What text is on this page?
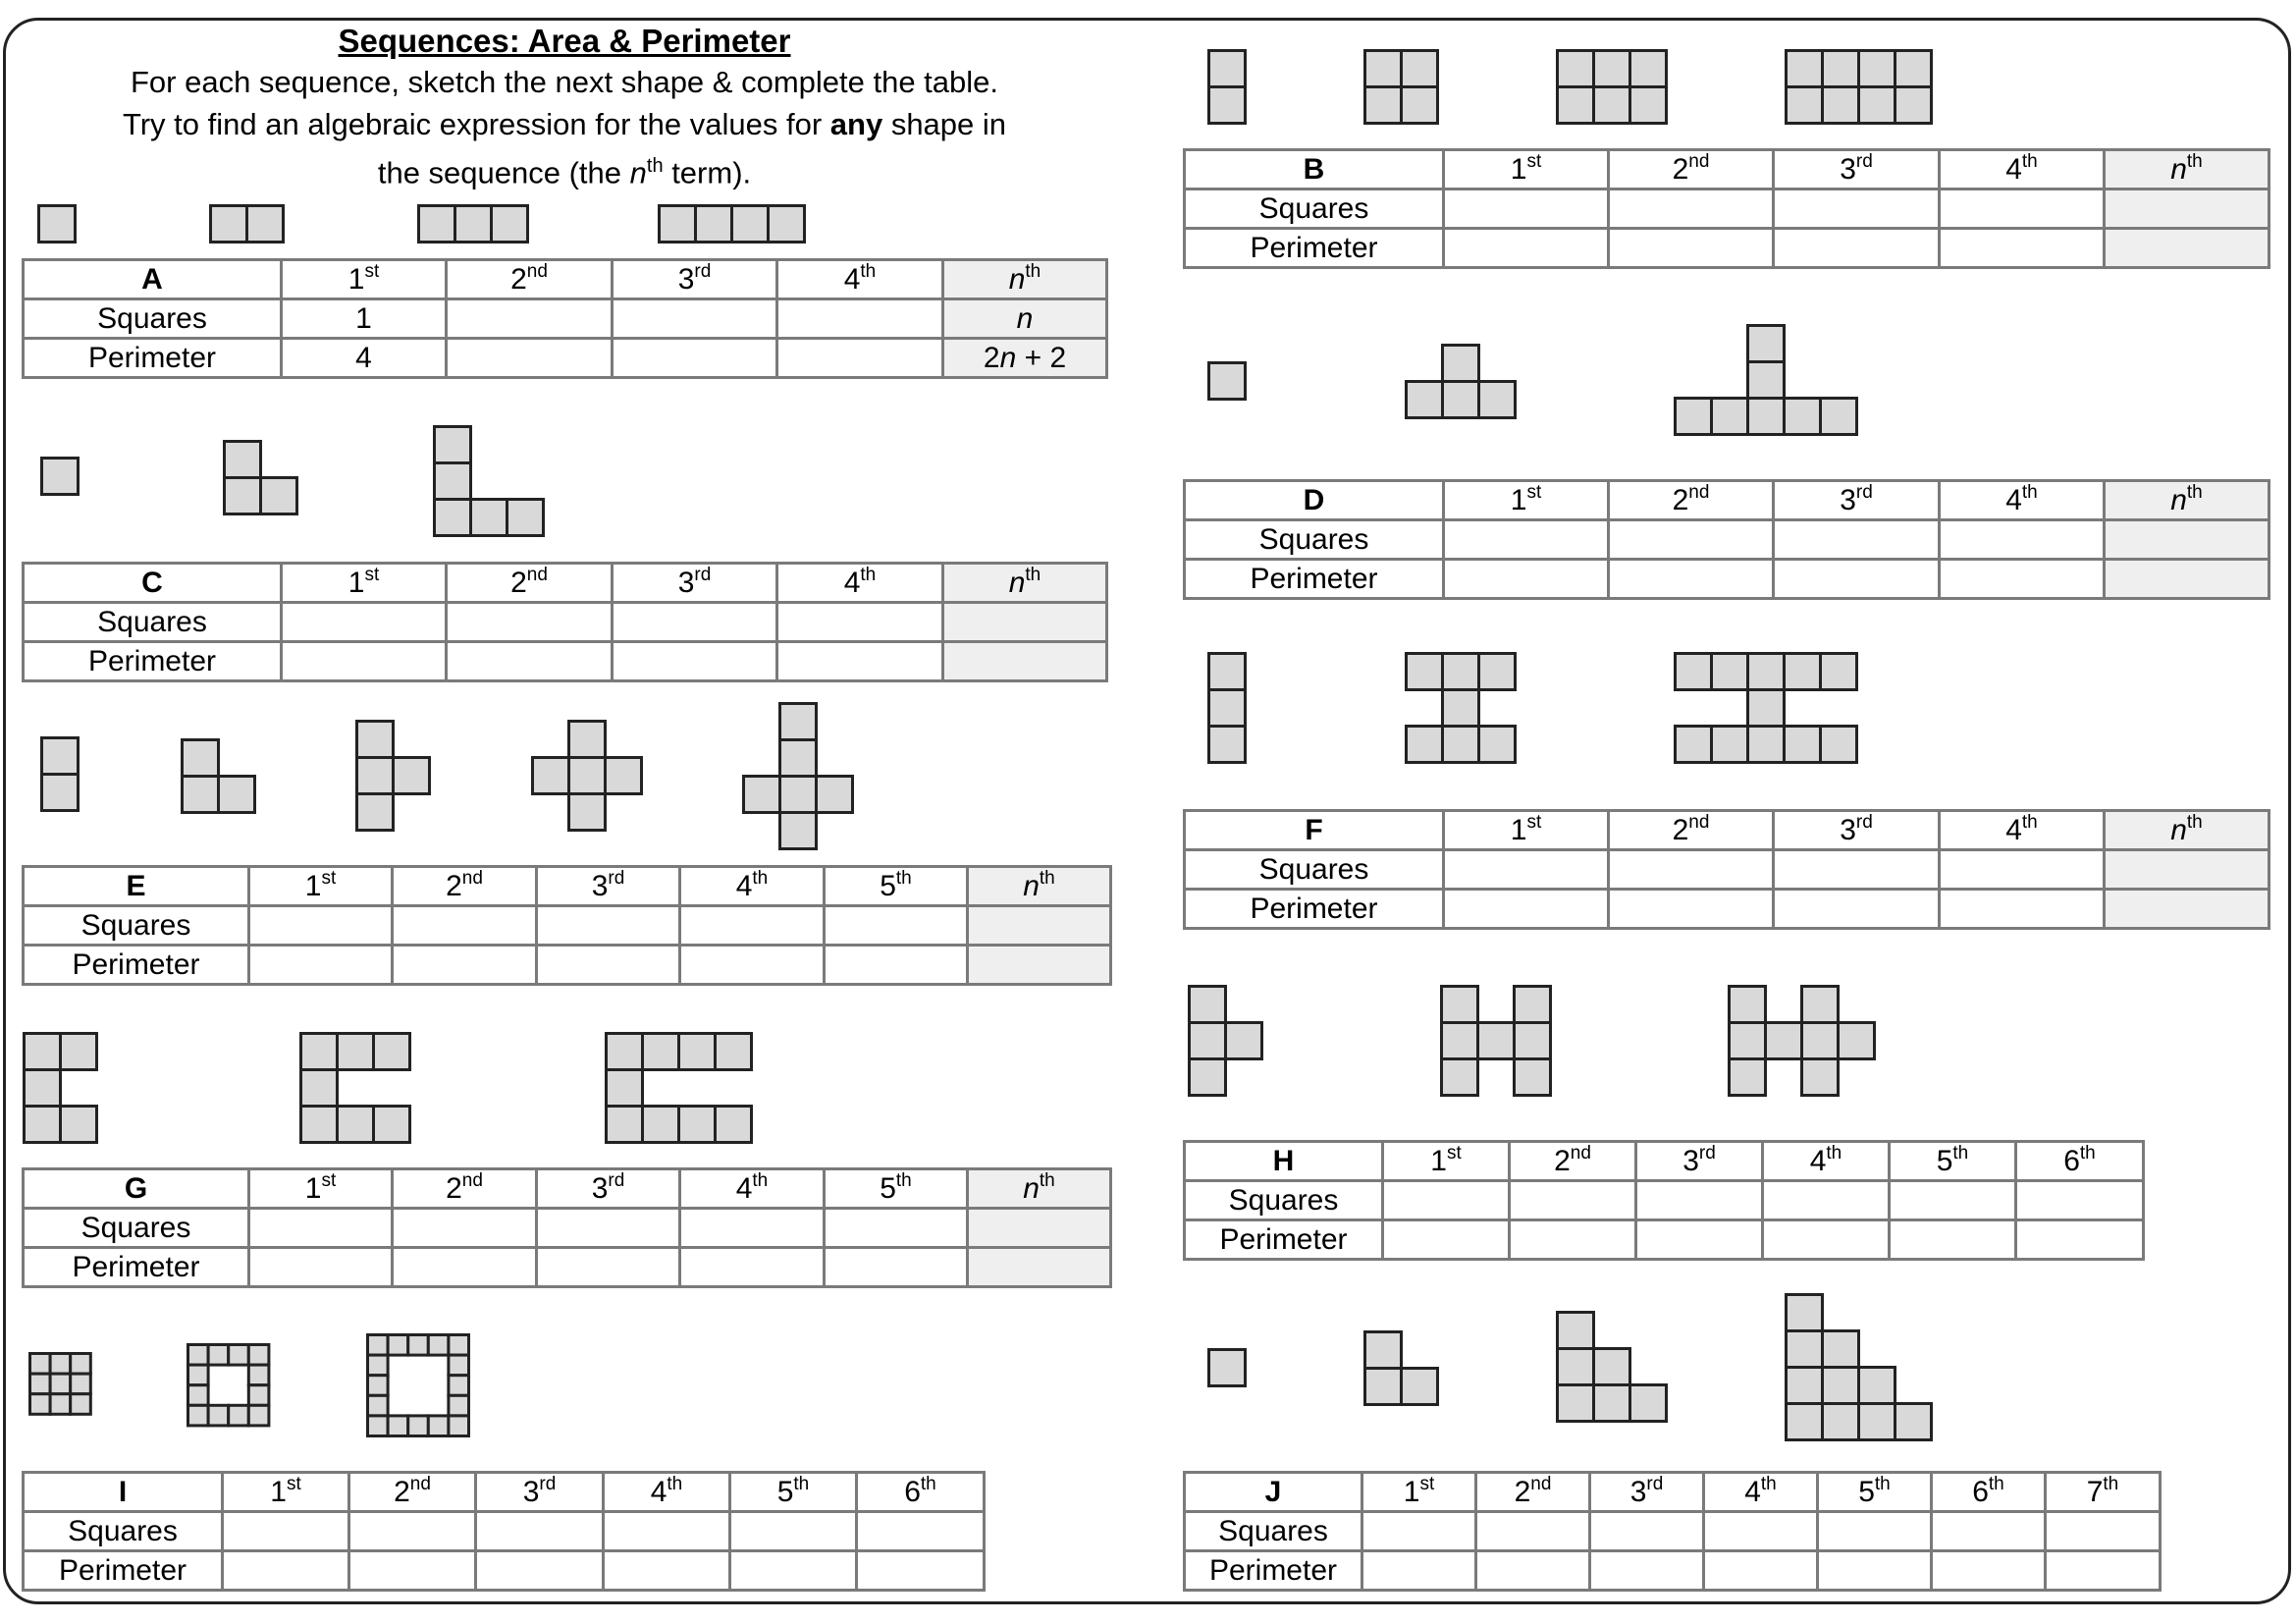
Sequences: Area & Perimeter
For each sequence, sketch the next shape & complete the table.
Try to find an algebraic expression for the values for any shape in
the sequence (the $n^{th}$ term).
A	1st	2nd	3rd	4th	$n^{th}$
Squares	1				n
Perimeter	4				2n + 2
B	1st	2nd	3rd	4th	$n^{th}$
Squares					
Perimeter					
C	1st	2nd	3rd	4th	$n^{th}$
Squares					
Perimeter					
D	1st	2nd	3rd	4th	$n^{th}$
Squares					
Perimeter					
E	1st	2nd	3rd	4th	5th	$n^{th}$
Squares						
Perimeter						
F	1st	2nd	3rd	4th	$n^{th}$
Squares					
Perimeter					
G	1st	2nd	3rd	4th	5th	$n^{th}$
Squares						
Perimeter						
H	1st	2nd	3rd	4th	5th	6th	
Squares							
Perimeter							
I	1st	2nd	3rd	4th	5th	6th	
Squares							
Perimeter							
J	1st	2nd	3rd	4th	5th	6th	7th	
Squares								
Perimeter								
